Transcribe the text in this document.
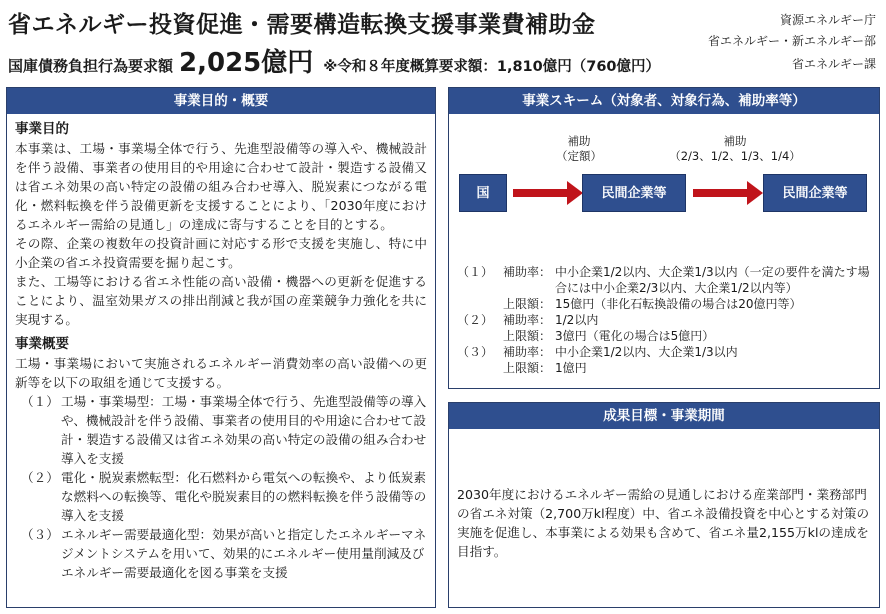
省エネルギー投資促進・需要構造転換支援事業費補助金	資源エネルギー庁
省エネルギー・新エネルギー部
省エネルギー課
国庫債務負担行為要求額 2,025億円 ※令和８年度概算要求額：1,810億円（760億円）
事業目的・概要
事業目的
本事業は、工場・事業場全体で行う、先進型設備等の導入や、機械設計を伴う設備、事業者の使用目的や用途に合わせて設計・製造する設備又は省エネ効果の高い特定の設備の組み合わせ導入、脱炭素につながる電化・燃料転換を伴う設備更新を支援することにより、「2030年度におけるエネルギー需給の見通し」の達成に寄与することを目的とする。
その際、企業の複数年の投資計画に対応する形で支援を実施し、特に中小企業の省エネ投資需要を掘り起こす。
また、工場等における省エネ性能の高い設備・機器への更新を促進することにより、温室効果ガスの排出削減と我が国の産業競争力強化を共に実現する。
事業概要
工場・事業場において実施されるエネルギー消費効率の高い設備への更新等を以下の取組を通じて支援する。
（１） 工場・事業場型：工場・事業場全体で行う、先進型設備等の導入や、機械設計を伴う設備、事業者の使用目的や用途に合わせて設計・製造する設備又は省エネ効果の高い特定の設備の組み合わせ導入を支援
（２） 電化・脱炭素燃転型：化石燃料から電気への転換や、より低炭素な燃料への転換等、電化や脱炭素目的の燃料転換を伴う設備等の導入を支援
（３） エネルギー需要最適化型：効果が高いと指定したエネルギーマネジメントシステムを用いて、効果的にエネルギー使用量削減及びエネルギー需要最適化を図る事業を支援
事業スキーム（対象者、対象行為、補助率等）
補助
（定額）
補助
（2/3、1/2、1/3、1/4）
国	民間企業等	民間企業等
（１） 補助率： 中小企業1/2以内、大企業1/3以内（一定の要件を満たす場合には中小企業2/3以内、大企業1/2以内等）
上限額： 15億円（非化石転換設備の場合は20億円等）
（２） 補助率： 1/2以内
上限額： 3億円（電化の場合は5億円）
（３） 補助率： 中小企業1/2以内、大企業1/3以内
上限額： 1億円
成果目標・事業期間
2030年度におけるエネルギー需給の見通しにおける産業部門・業務部門の省エネ対策（2,700万kl程度）中、省エネ設備投資を中心とする対策の実施を促進し、本事業による効果も含めて、省エネ量2,155万klの達成を目指す。
